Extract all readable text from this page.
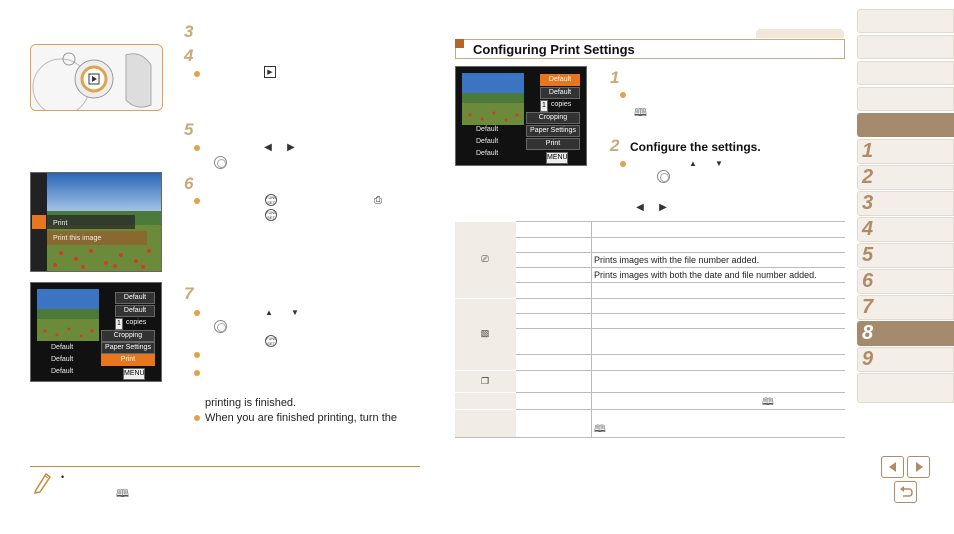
3
4
▶
5
◀ ▶
Print
Print this image
6
FUNC SET	⎙
FUNC SET
Default
Default
1 copies
Cropping
Paper Settings
Print
Default
Default
Default	MENU
7
▲ ▼
FUNC SET
printing is finished.
When you are finished printing, turn the
•
🕮
Configuring Print Settings
Default
Default
1 copies
Cropping
Paper Settings
Print
Default
Default
Default
MENU
1
🕮
2 Configure the settings.
▲ ▼
◀ ▶
⎚
▧
❐
Prints images with the file number added.
Prints images with both the date and file number added.
🕮
🕮
1
2
3
4
5
6
7
8
9
